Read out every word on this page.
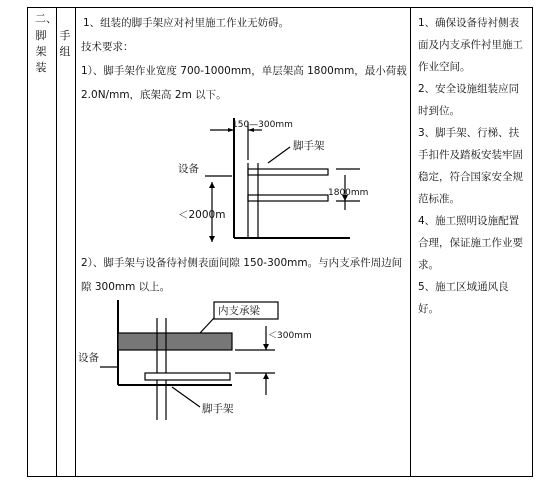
二、
脚
架
装
手
组
1、组装的脚手架应对衬里施工作业无妨碍。
技术要求：
1）、脚手架作业宽度 700-1000mm，单层架高 1800mm，最小荷载
2.0N/mm，底架高 2m 以下。
2）、脚手架与设备待衬侧表面间隙 150-300mm。与内支承件周边间
隙 300mm 以上。
150—300mm
脚手架
设备
1800mm
＜2000m
内支承梁
＜300mm
设备
脚手架

1、确保设备待衬侧表面及内支承件衬里施工作业空间。

2、安全设施组装应同时到位。

3、脚手架、行梯、扶手扣件及踏板安装牢固稳定，符合国家安全规范标准。

4、施工照明设施配置合理，保证施工作业要求。

5、施工区域通风良好。
